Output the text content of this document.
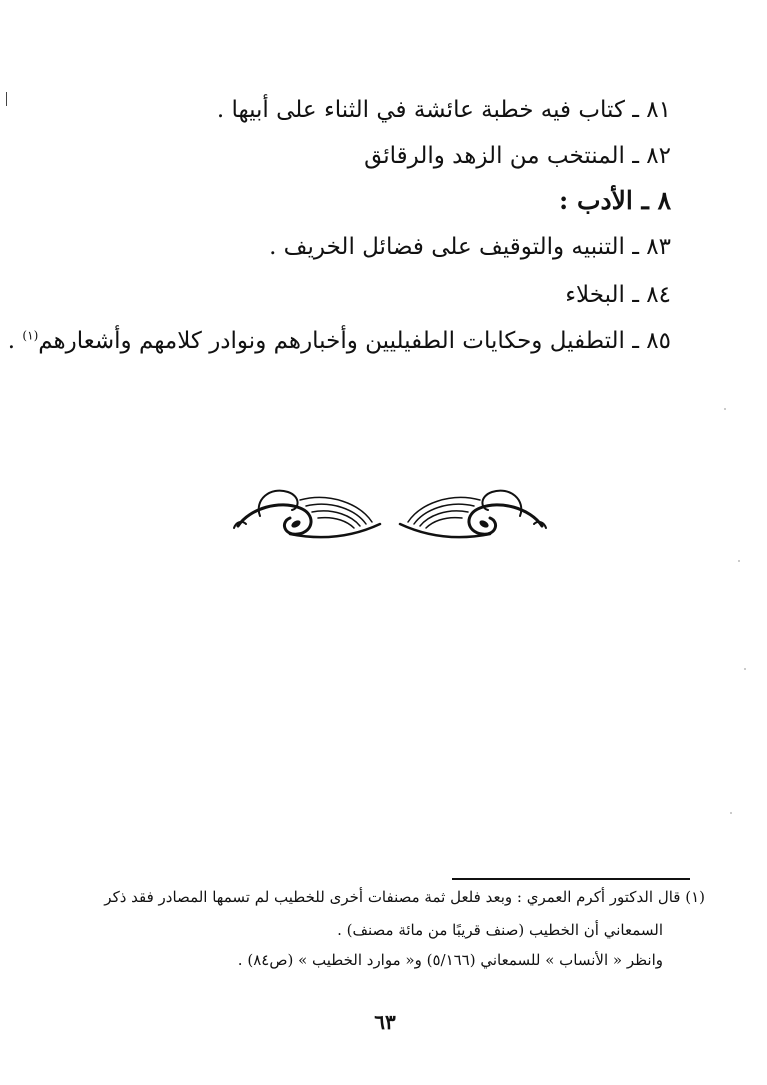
٨١ ـ كتاب فيه خطبة عائشة في الثناء على أبيها .
٨٢ ـ المنتخب من الزهد والرقائق
٨ ـ الأدب :
٨٣ ـ التنبيه والتوقيف على فضائل الخريف .
٨٤ ـ البخلاء
٨٥ ـ التطفيل وحكايات الطفيليين وأخبارهم ونوادر كلامهم وأشعارهم$^{(١)}$ .
(١) قال الدكتور أكرم العمري : وبعد فلعل ثمة مصنفات أخرى للخطيب لم تسمها المصادر فقد ذكر
السمعاني أن الخطيب (صنف قريبًا من مائة مصنف) .
وانظر « الأنساب » للسمعاني (٥/١٦٦) و« موارد الخطيب » (ص٨٤) .
٦٣
